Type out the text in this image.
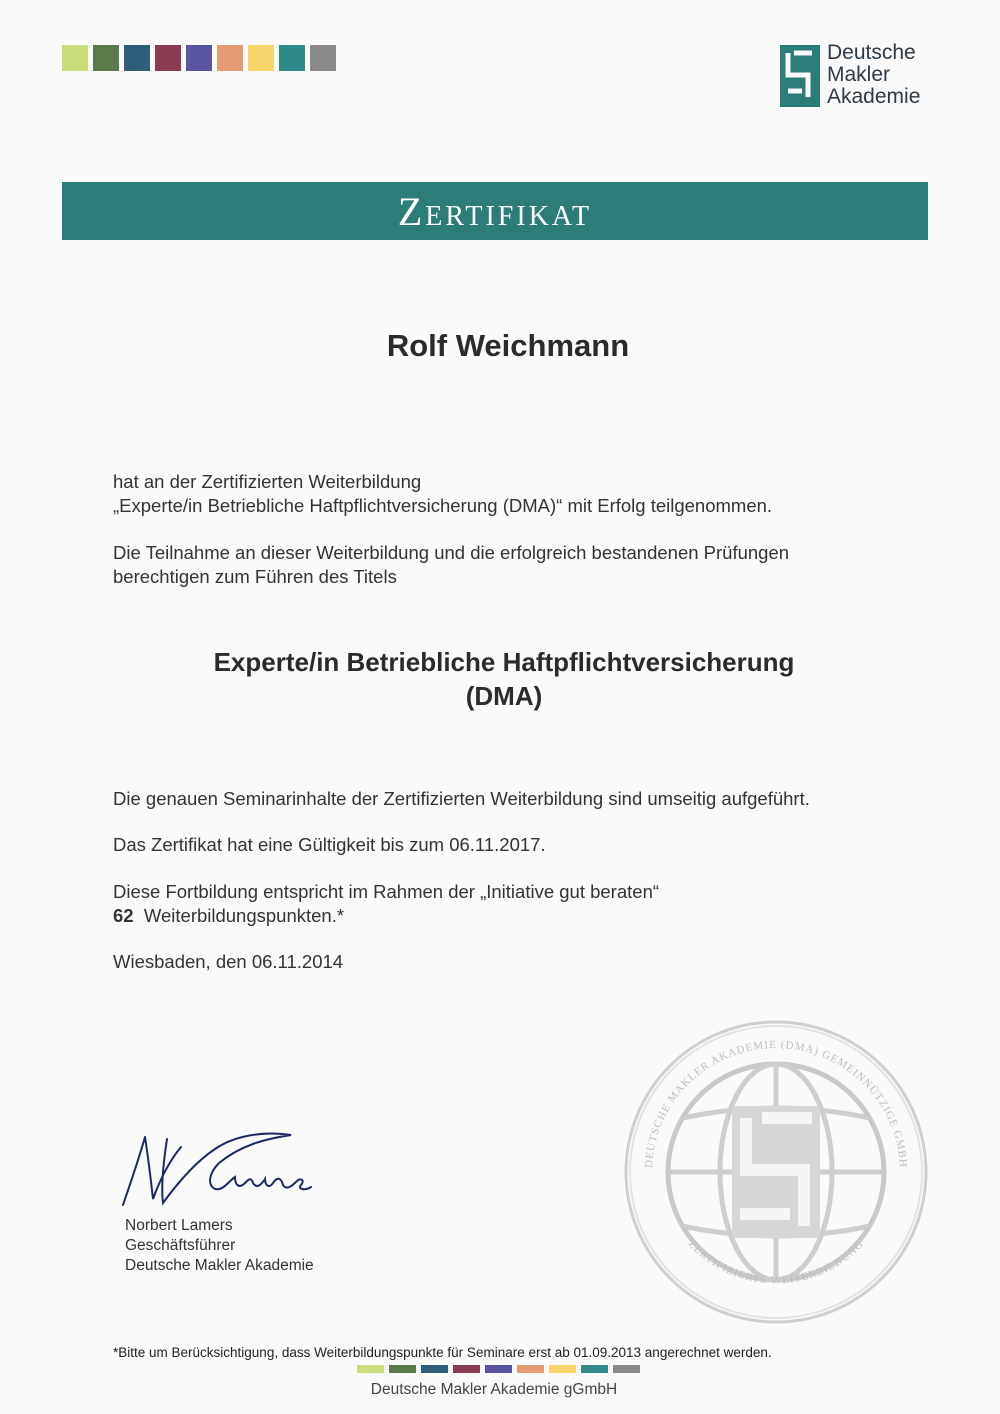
Deutsche
Makler
Akademie
Zertifikat
Rolf Weichmann
hat an der Zertifizierten Weiterbildung
„Experte/in Betriebliche Haftpflichtversicherung (DMA)“ mit Erfolg teilgenommen.
Die Teilnahme an dieser Weiterbildung und die erfolgreich bestandenen Prüfungen
berechtigen zum Führen des Titels
Experte/in Betriebliche Haftpflichtversicherung
(DMA)
Die genauen Seminarinhalte der Zertifizierten Weiterbildung sind umseitig aufgeführt.
Das Zertifikat hat eine Gültigkeit bis zum 06.11.2017.
Diese Fortbildung entspricht im Rahmen der „Initiative gut beraten“
62 Weiterbildungspunkten.*
Wiesbaden, den 06.11.2014
Norbert Lamers
Geschäftsführer
Deutsche Makler Akademie
DEUTSCHE MAKLER AKADEMIE (DMA) GEMEINNÜTZIGE GMBH
ZERTIFIZIERTE WEITERBILDUNG
*Bitte um Berücksichtigung, dass Weiterbildungspunkte für Seminare erst ab 01.09.2013 angerechnet werden.
Deutsche Makler Akademie gGmbH
